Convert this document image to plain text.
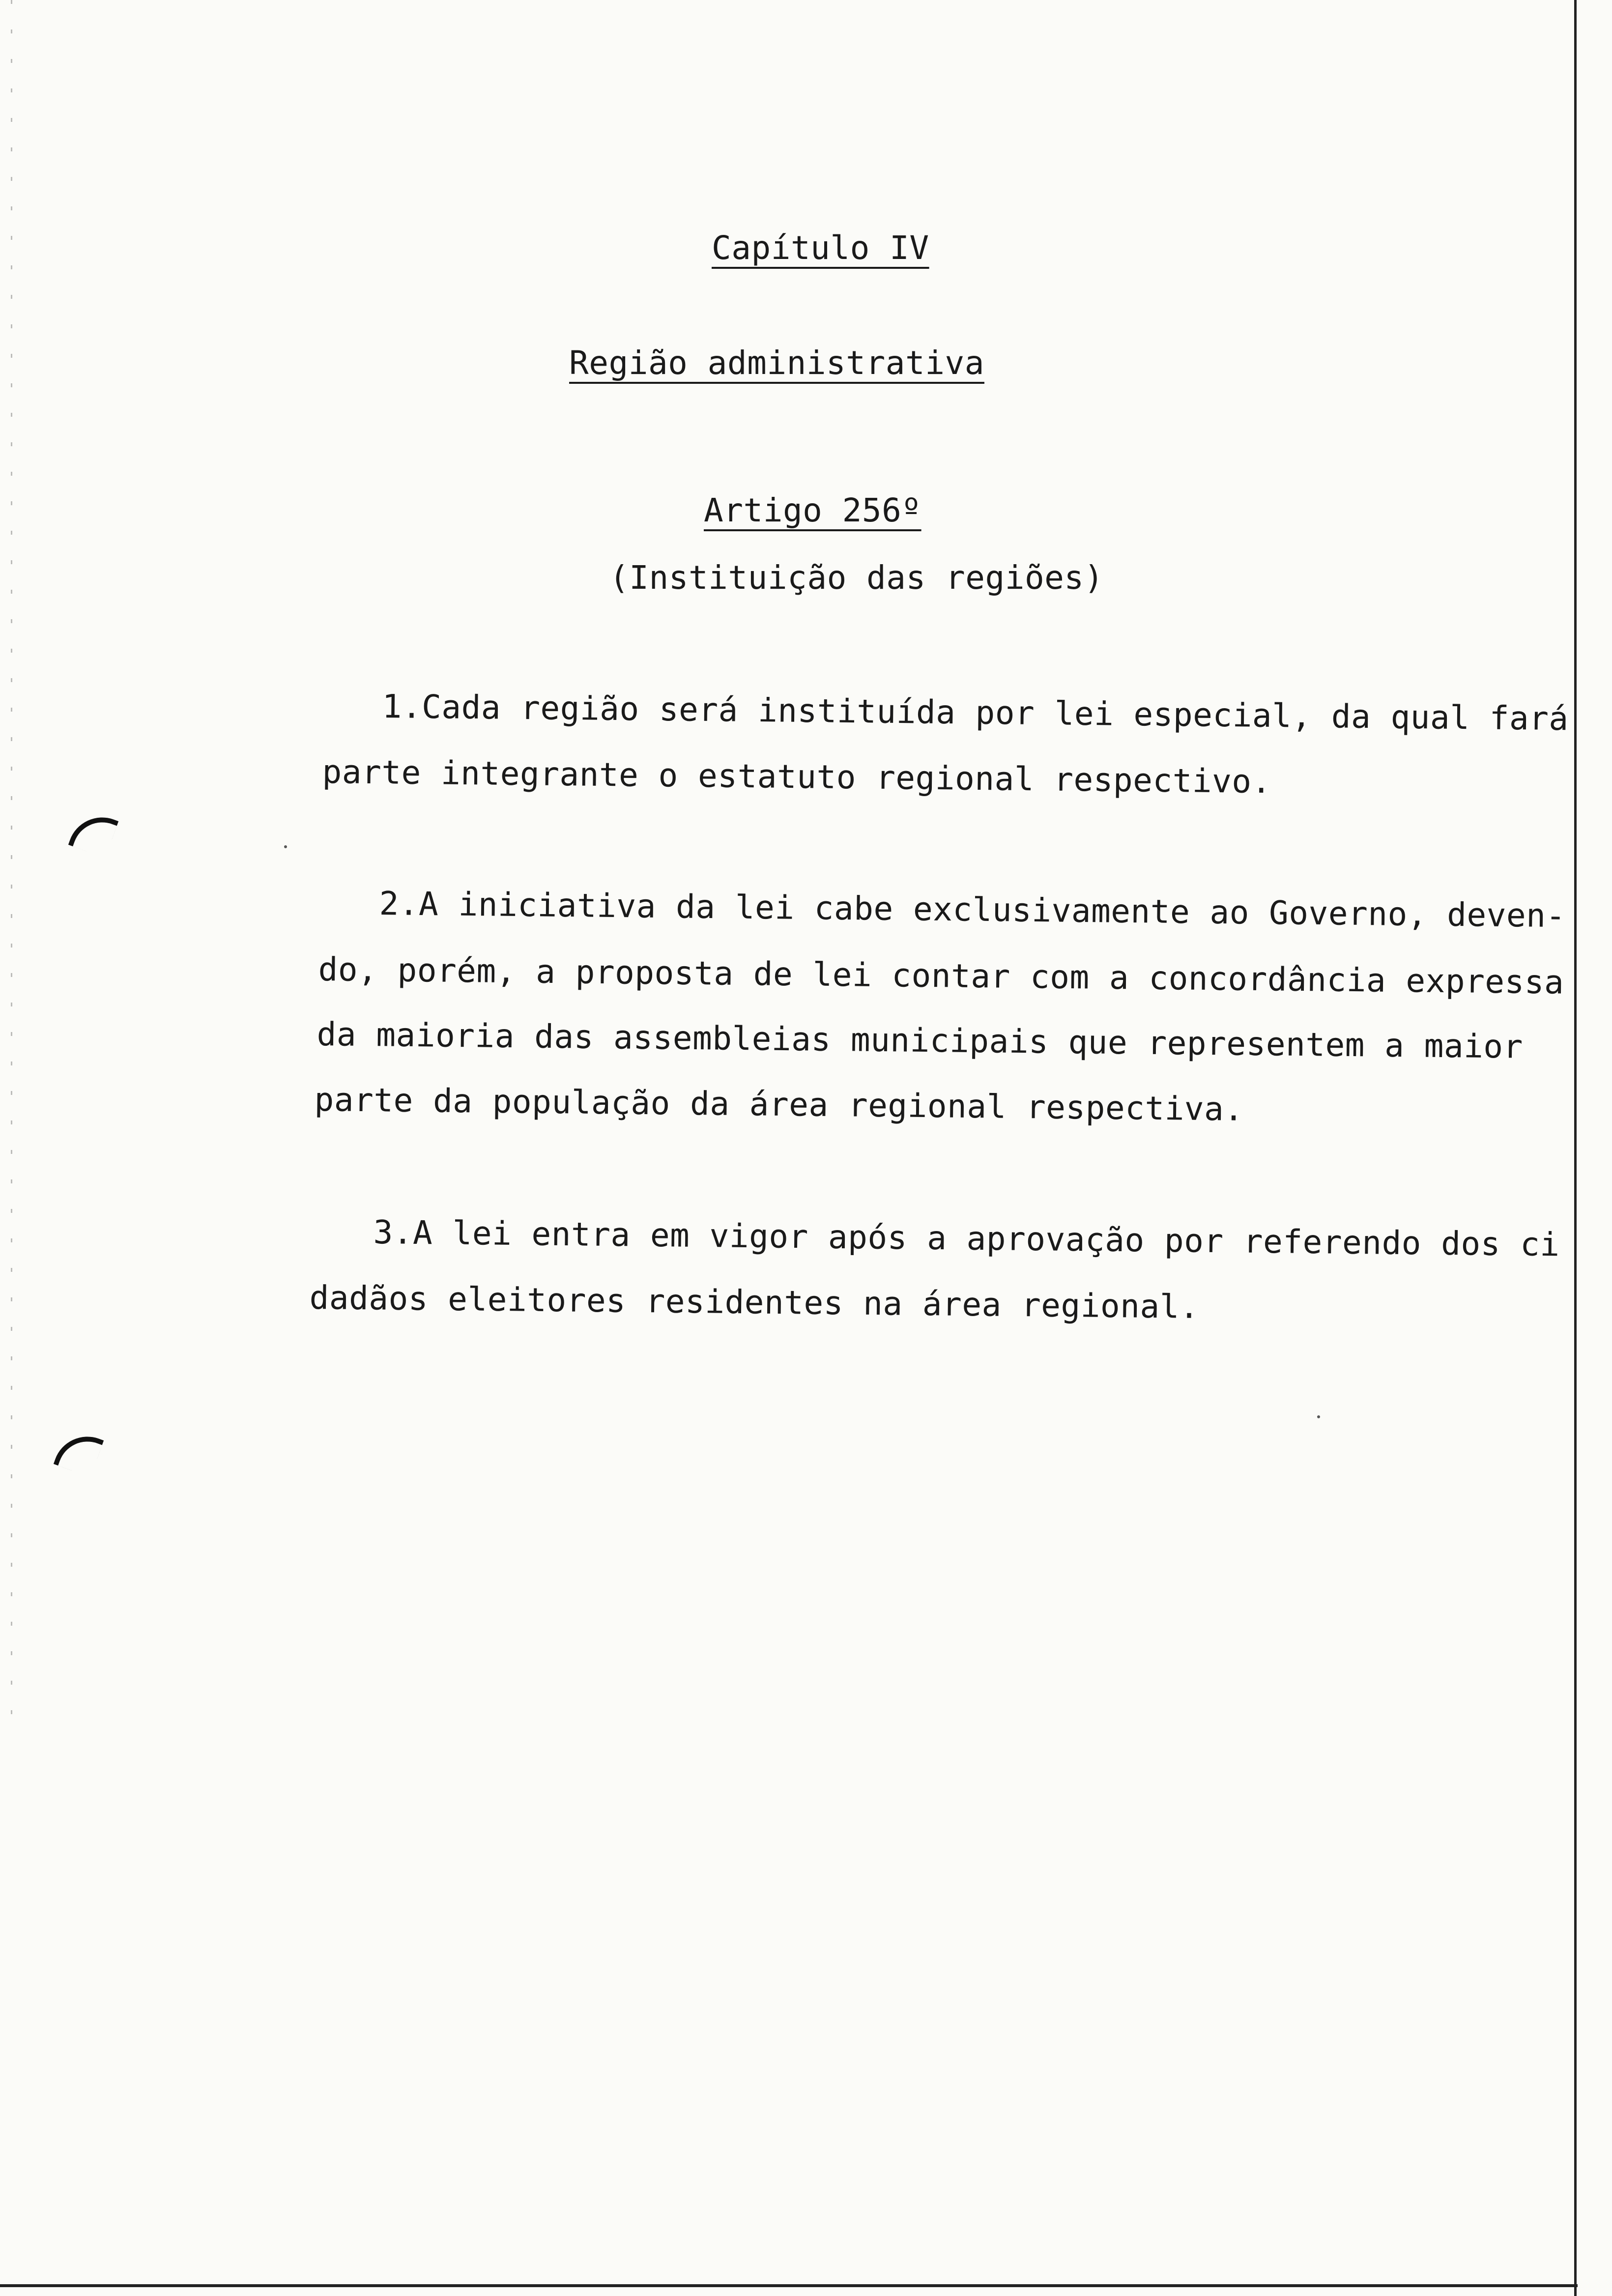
Capítulo IV
Região administrativa
Artigo 256º
(Instituição das regiões)
1.Cada região será instituída por lei especial, da qual fará
parte integrante o estatuto regional respectivo.
2.A iniciativa da lei cabe exclusivamente ao Governo, deven-
do, porém, a proposta de lei contar com a concordância expressa
da maioria das assembleias municipais que representem a maior
parte da população da área regional respectiva.
3.A lei entra em vigor após a aprovação por referendo dos ci
dadãos eleitores residentes na área regional.
